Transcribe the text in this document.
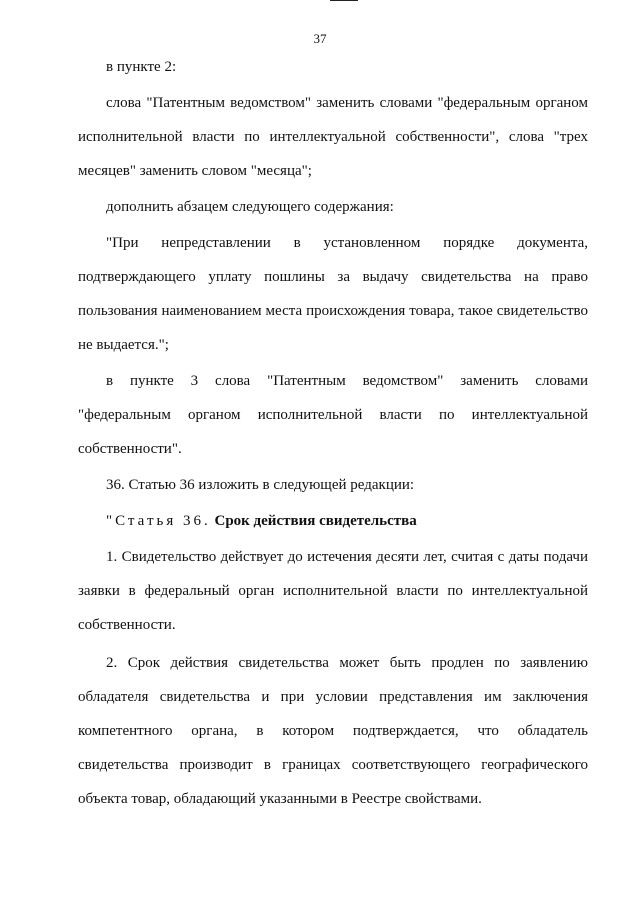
37

в пункте 2:

слова "Патентным ведомством" заменить словами "федеральным органом исполнительной власти по интеллектуальной собственности", слова "трех месяцев" заменить словом "месяца";

дополнить абзацем следующего содержания:

"При непредставлении в установленном порядке документа, подтверждающего уплату пошлины за выдачу свидетельства на право пользования наименованием места происхождения товара, такое свидетельство не выдается.";

в пункте 3 слова "Патентным ведомством" заменить словами "федеральным органом исполнительной власти по интеллектуальной собственности".

36. Статью 36 изложить в следующей редакции:

"Статья 36. Срок действия свидетельства

1. Свидетельство действует до истечения десяти лет, считая с даты подачи заявки в федеральный орган исполнительной власти по интеллектуальной собственности.

2. Срок действия свидетельства может быть продлен по заявлению обладателя свидетельства и при условии представления им заключения компетентного органа, в котором подтверждается, что обладатель свидетельства производит в границах соответствующего географического объекта товар, обладающий указанными в Реестре свойствами.
